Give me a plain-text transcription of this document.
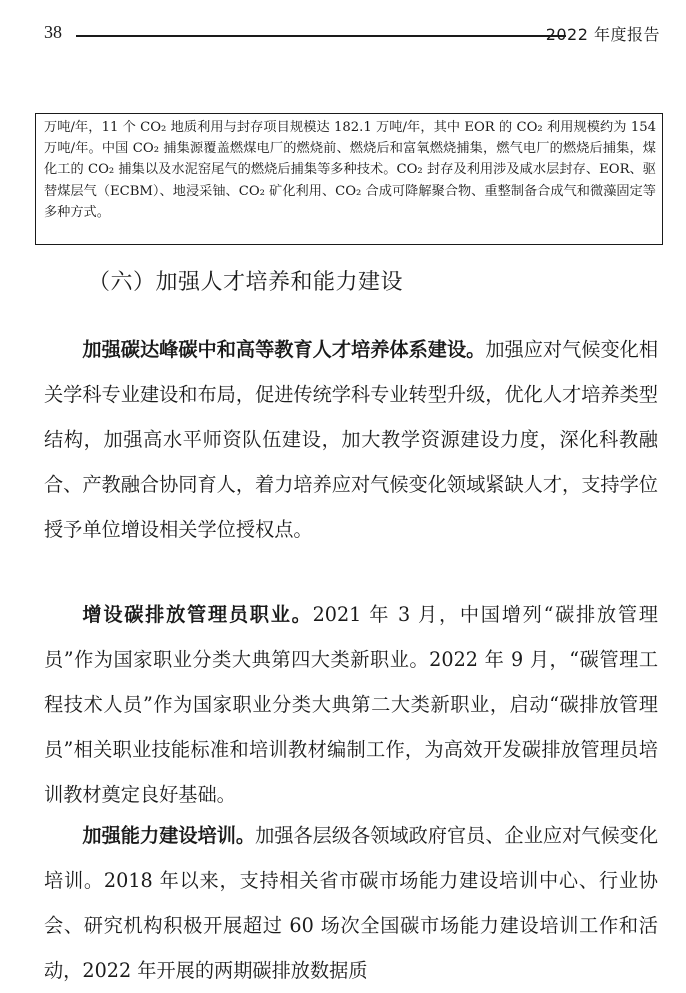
38	2022 年度报告
万吨/年，11 个 CO₂ 地质利用与封存项目规模达 182.1 万吨/年，其中 EOR 的 CO₂ 利用规模约为 154 万吨/年。中国 CO₂ 捕集源覆盖燃煤电厂的燃烧前、燃烧后和富氧燃烧捕集，燃气电厂的燃烧后捕集，煤化工的 CO₂ 捕集以及水泥窑尾气的燃烧后捕集等多种技术。CO₂ 封存及利用涉及咸水层封存、EOR、驱替煤层气（ECBM）、地浸采铀、CO₂ 矿化利用、CO₂ 合成可降解聚合物、重整制备合成气和微藻固定等多种方式。
（六）加强人才培养和能力建设

加强碳达峰碳中和高等教育人才培养体系建设。加强应对气候变化相关学科专业建设和布局，促进传统学科专业转型升级，优化人才培养类型结构，加强高水平师资队伍建设，加大教学资源建设力度，深化科教融合、产教融合协同育人，着力培养应对气候变化领域紧缺人才，支持学位授予单位增设相关学位授权点。

增设碳排放管理员职业。2021 年 3 月，中国增列“碳排放管理员”作为国家职业分类大典第四大类新职业。2022 年 9 月，“碳管理工程技术人员”作为国家职业分类大典第二大类新职业，启动“碳排放管理员”相关职业技能标准和培训教材编制工作，为高效开发碳排放管理员培训教材奠定良好基础。

加强能力建设培训。加强各层级各领域政府官员、企业应对气候变化培训。2018 年以来，支持相关省市碳市场能力建设培训中心、行业协会、研究机构积极开展超过 60 场次全国碳市场能力建设培训工作和活动，2022 年开展的两期碳排放数据质
